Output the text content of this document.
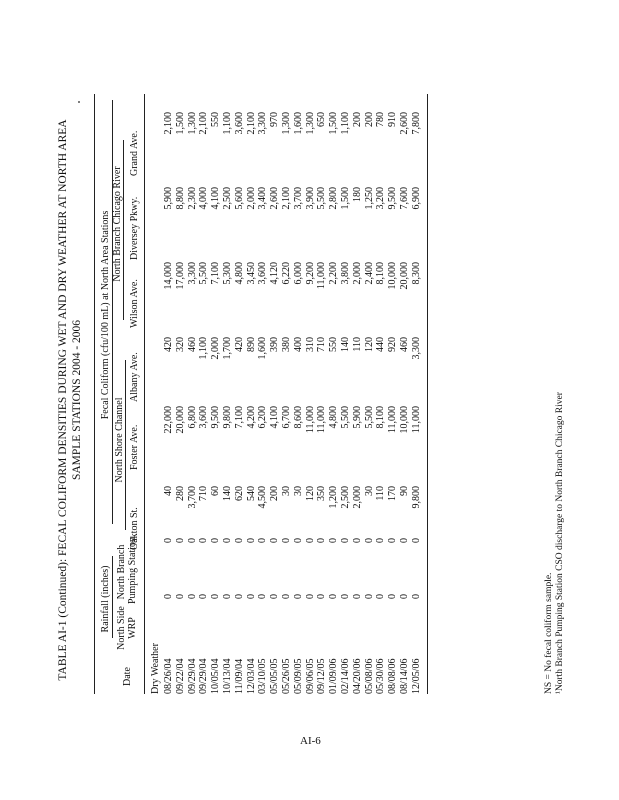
TABLE AI-1 (Continued): FECAL COLIFORM DENSITIES DURING WET AND DRY WEATHER AT NORTH AREA SAMPLE STATIONS 2004 - 2006
Date
Rainfall (inches) North Side WRP
North Branch Pumping Station
Fecal Coliform (cfu/100 mL) at North Area Stations
North Shore Channel
North Branch Chicago River
Oakton St.
Foster Ave.
Albany Ave.
Wilson Ave.
Diversey Pkwy.
Grand Ave.
Dry Weather 08/26/04
0
0
40
22,000
420
14,000
5,900
2,100
09/22/04
0
0
280
20,000
320
17,000
8,800
1,500
09/29/04
0
0
3,700
6,800
460
3,300
2,300
1,300
09/29/04
0
0
710
3,600
1,100
5,500
4,000
2,100
10/05/04
0
0
60
9,500
2,000
7,100
4,100
550
10/13/04
0
0
140
9,800
1,700
5,300
2,500
1,100
11/09/04
0
0
620
7,100
420
4,800
5,600
3,600
12/03/04
0
0
540
4,200
890
3,450
2,000
2,100
03/10/05
0
0
4,500
6,200
1,600
3,600
3,400
3,300
05/05/05
0
0
200
4,100
390
4,120
2,600
970
05/26/05
0
0
30
6,700
380
6,220
2,100
1,300
05/09/05
0
0
30
8,600
400
6,000
3,700
1,600
09/06/05
0
0
120
11,000
310
9,200
3,900
1,300
09/12/05
0
0
350
11,000
710
11,000
5,500
650
01/09/06
0
0
1,200
4,800
550
2,200
2,800
1,500
02/14/06
0
0
2,500
5,500
140
3,800
1,500
1,100
04/20/06
0
0
2,000
5,900
110
2,000
180
200
05/08/06
0
0
30
5,500
120
2,400
1,250
200
05/30/06
0
0
110
8,100
440
8,100
3,200
780
08/08/06
0
0
170
11,000
920
10,000
9,500
910
08/14/06
0
0
90
10,000
460
20,000
7,600
2,600
12/05/06
0
0
9,800
11,000
3,300
8,300
6,900
7,800
NS = No fecal coliform sample. ¹North Branch Pumping Station CSO discharge to North Branch Chicago River
AI-6
